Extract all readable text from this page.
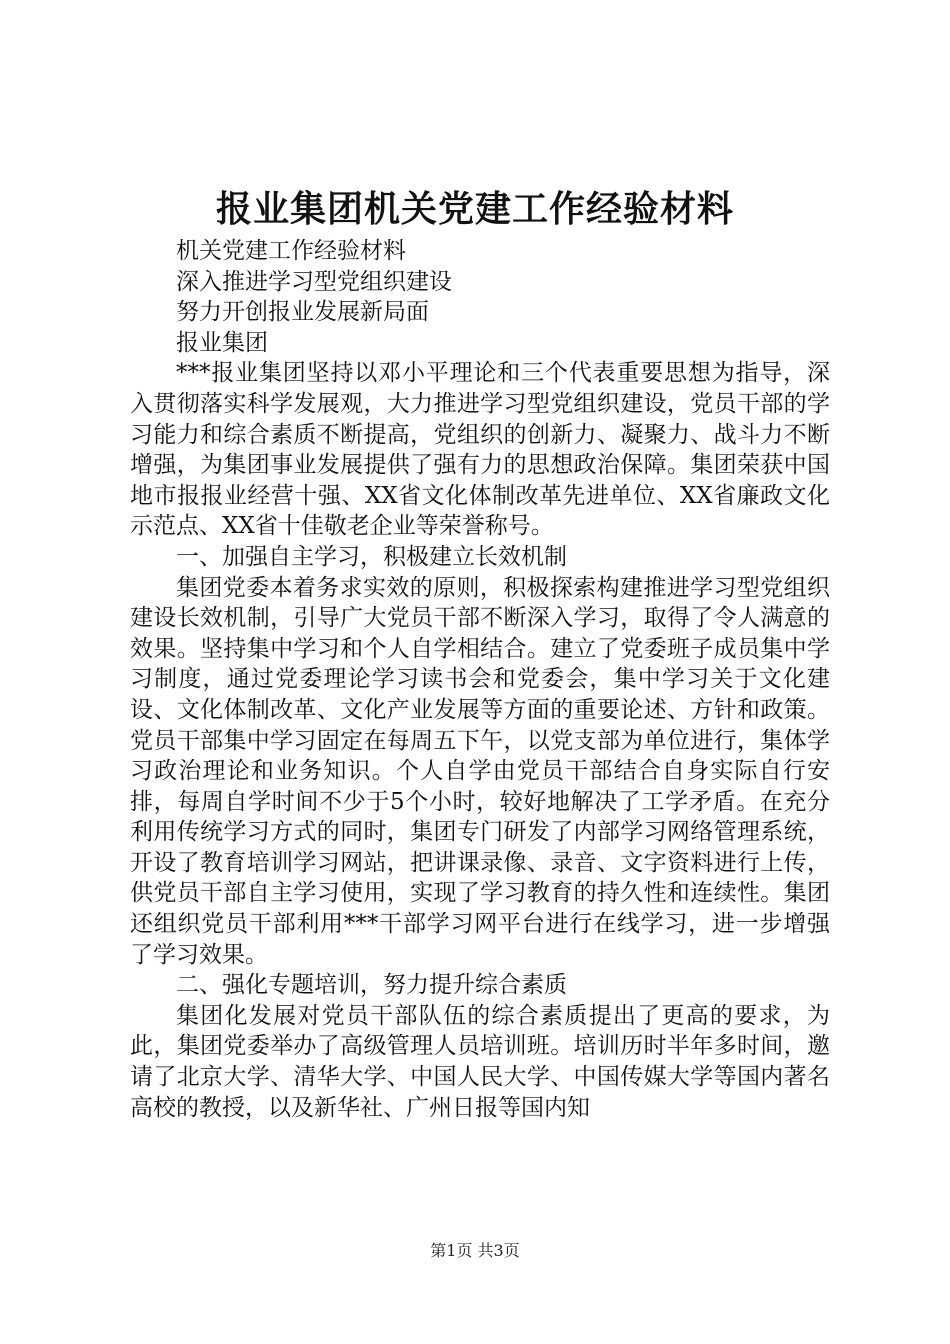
报业集团机关党建工作经验材料

机关党建工作经验材料

深入推进学习型党组织建设

努力开创报业发展新局面

报业集团

***报业集团坚持以邓小平理论和三个代表重要思想为指导，深入贯彻落实科学发展观，大力推进学习型党组织建设，党员干部的学习能力和综合素质不断提高，党组织的创新力、凝聚力、战斗力不断增强，为集团事业发展提供了强有力的思想政治保障。集团荣获中国地市报报业经营十强、XX省文化体制改革先进单位、XX省廉政文化示范点、XX省十佳敬老企业等荣誉称号。

一、加强自主学习，积极建立长效机制

集团党委本着务求实效的原则，积极探索构建推进学习型党组织建设长效机制，引导广大党员干部不断深入学习，取得了令人满意的效果。坚持集中学习和个人自学相结合。建立了党委班子成员集中学习制度，通过党委理论学习读书会和党委会，集中学习关于文化建设、文化体制改革、文化产业发展等方面的重要论述、方针和政策。党员干部集中学习固定在每周五下午，以党支部为单位进行，集体学习政治理论和业务知识。个人自学由党员干部结合自身实际自行安排，每周自学时间不少于5个小时，较好地解决了工学矛盾。在充分利用传统学习方式的同时，集团专门研发了内部学习网络管理系统，开设了教育培训学习网站，把讲课录像、录音、文字资料进行上传，供党员干部自主学习使用，实现了学习教育的持久性和连续性。集团还组织党员干部利用***干部学习网平台进行在线学习，进一步增强了学习效果。

二、强化专题培训，努力提升综合素质

集团化发展对党员干部队伍的综合素质提出了更高的要求，为此，集团党委举办了高级管理人员培训班。培训历时半年多时间，邀请了北京大学、清华大学、中国人民大学、中国传媒大学等国内著名高校的教授，以及新华社、广州日报等国内知

第1页 共3页
